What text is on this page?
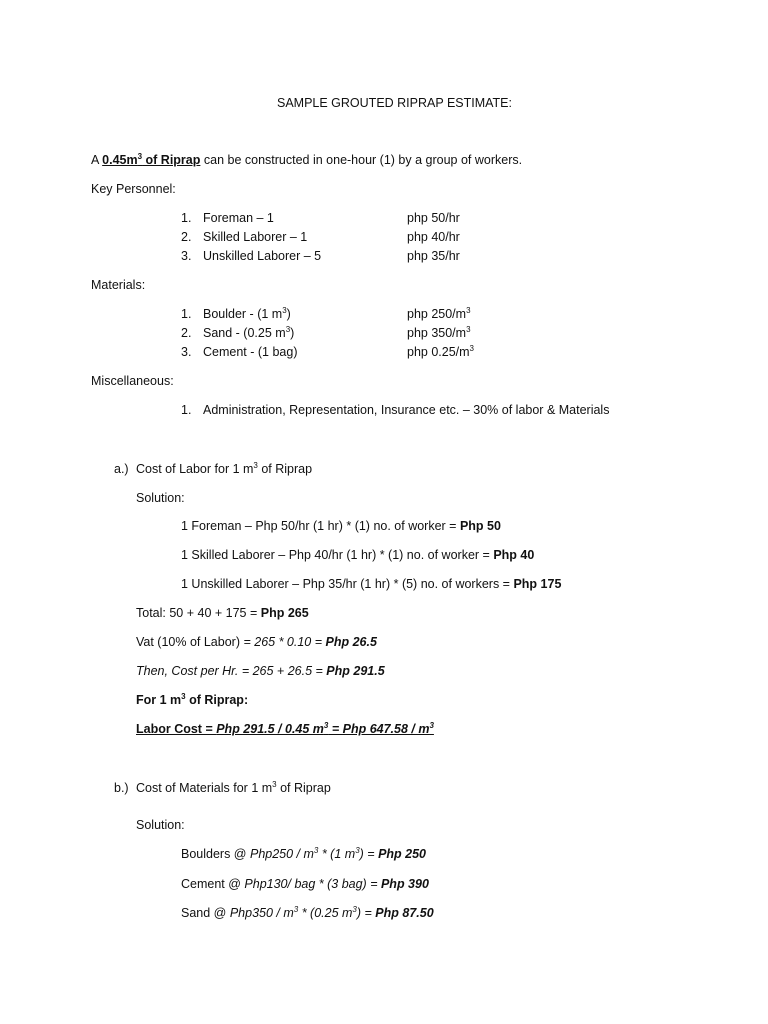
SAMPLE GROUTED RIPRAP ESTIMATE:
A $0.45m^3$ of Riprap can be constructed in one-hour (1) by a group of workers.
Key Personnel:
1. Foreman – 1	php 50/hr
2. Skilled Laborer – 1	php 40/hr
3. Unskilled Laborer – 5	php 35/hr
Materials:
1. Boulder - (1 $m^3$)	php $250/m^3$
2. Sand - (0.25 $m^3$)	php $350/m^3$
3. Cement - (1 bag)	php $0.25/m^3$
Miscellaneous:
1. Administration, Representation, Insurance etc. – 30% of labor & Materials
a.) Cost of Labor for 1 $m^3$ of Riprap
Solution:
1 Foreman – Php 50/hr (1 hr) * (1) no. of worker = Php 50
1 Skilled Laborer – Php 40/hr (1 hr) * (1) no. of worker = Php 40
1 Unskilled Laborer – Php 35/hr (1 hr) * (5) no. of workers = Php 175
Total: 50 + 40 + 175 = Php 265
Vat (10% of Labor) = 265 * 0.10 = Php 26.5
Then, Cost per Hr. = 265 + 26.5 = Php 291.5
For 1 $m^3$ of Riprap:
Labor Cost = Php 291.5 / 0.45 $m^3$ = Php $647.58 / m^3$
b.) Cost of Materials for 1 $m^3$ of Riprap
Solution:
Boulders @ $Php250 / m^3 * (1$ $m^3$) = Php 250
Cement @ Php130/ bag * (3 bag) = Php 390
Sand @ $Php350 / m^3 * (0.25$ $m^3$) = Php 87.50
